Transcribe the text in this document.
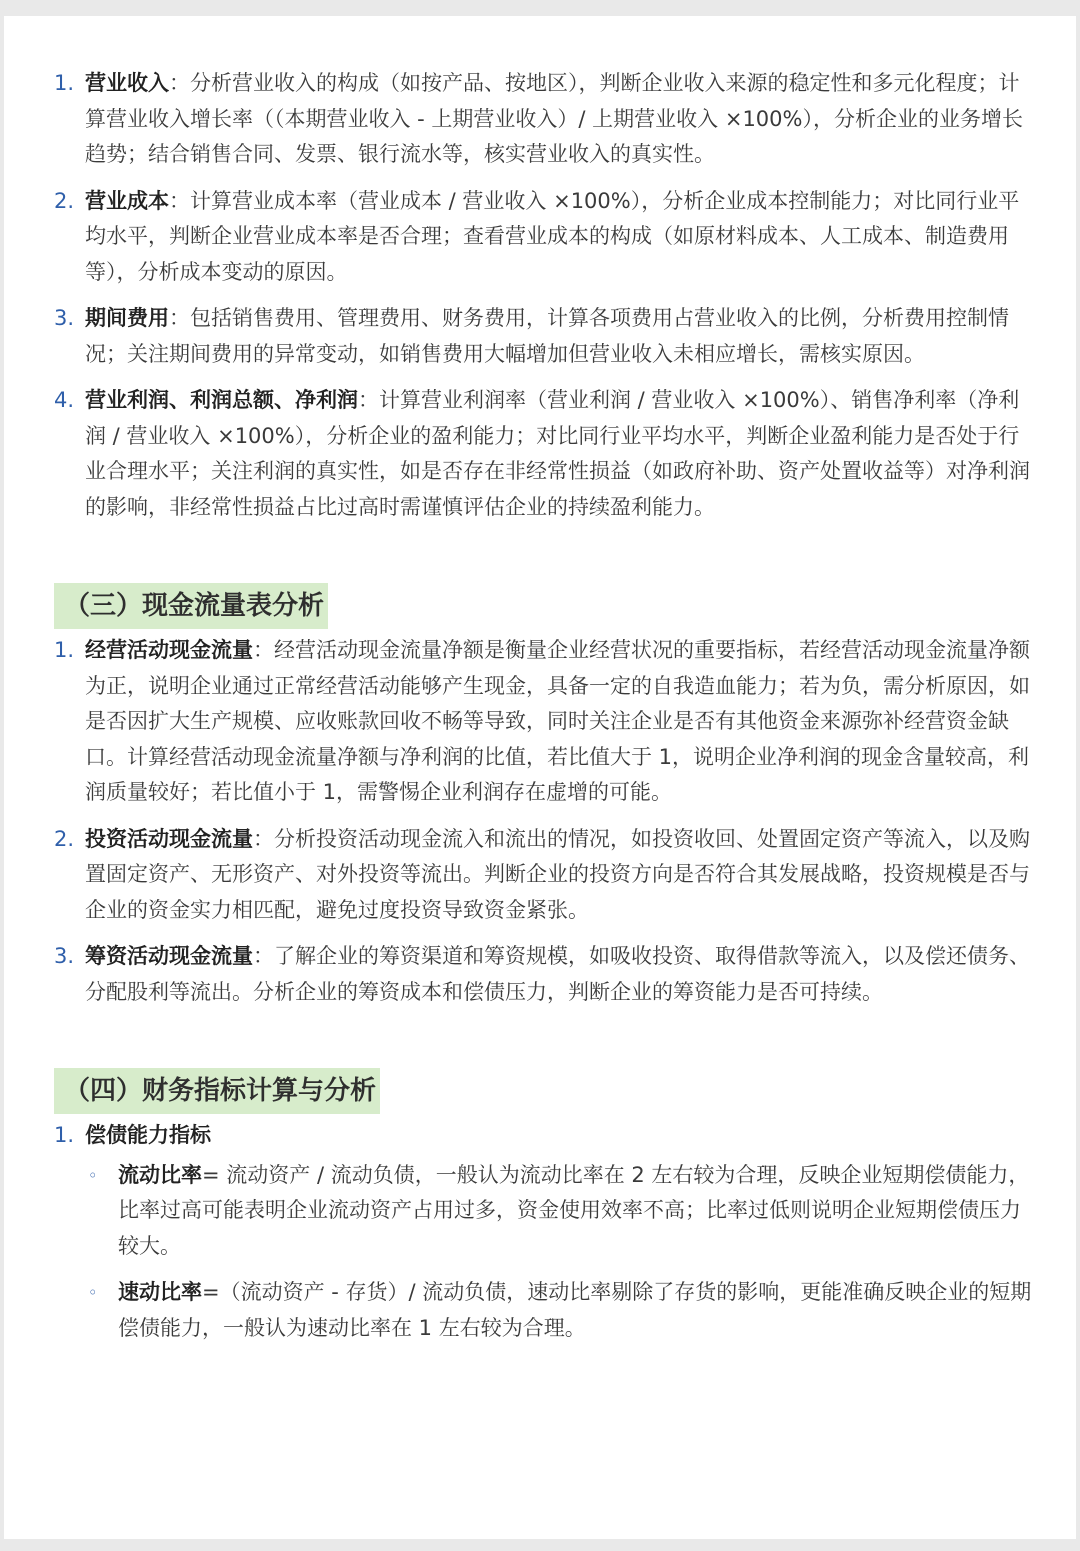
1. 营业收入：分析营业收入的构成（如按产品、按地区），判断企业收入来源的稳定性和多元化程度；计算营业收入增长率（（本期营业收入 - 上期营业收入）/ 上期营业收入 ×100%），分析企业的业务增长趋势；结合销售合同、发票、银行流水等，核实营业收入的真实性。
2. 营业成本：计算营业成本率（营业成本 / 营业收入 ×100%），分析企业成本控制能力；对比同行业平均水平，判断企业营业成本率是否合理；查看营业成本的构成（如原材料成本、人工成本、制造费用等），分析成本变动的原因。
3. 期间费用：包括销售费用、管理费用、财务费用，计算各项费用占营业收入的比例，分析费用控制情况；关注期间费用的异常变动，如销售费用大幅增加但营业收入未相应增长，需核实原因。
4. 营业利润、利润总额、净利润：计算营业利润率（营业利润 / 营业收入 ×100%）、销售净利率（净利润 / 营业收入 ×100%），分析企业的盈利能力；对比同行业平均水平，判断企业盈利能力是否处于行业合理水平；关注利润的真实性，如是否存在非经常性损益（如政府补助、资产处置收益等）对净利润的影响，非经常性损益占比过高时需谨慎评估企业的持续盈利能力。
（三）现金流量表分析
1. 经营活动现金流量：经营活动现金流量净额是衡量企业经营状况的重要指标，若经营活动现金流量净额为正，说明企业通过正常经营活动能够产生现金，具备一定的自我造血能力；若为负，需分析原因，如是否因扩大生产规模、应收账款回收不畅等导致，同时关注企业是否有其他资金来源弥补经营资金缺口。计算经营活动现金流量净额与净利润的比值，若比值大于 1，说明企业净利润的现金含量较高，利润质量较好；若比值小于 1，需警惕企业利润存在虚增的可能。
2. 投资活动现金流量：分析投资活动现金流入和流出的情况，如投资收回、处置固定资产等流入，以及购置固定资产、无形资产、对外投资等流出。判断企业的投资方向是否符合其发展战略，投资规模是否与企业的资金实力相匹配，避免过度投资导致资金紧张。
3. 筹资活动现金流量：了解企业的筹资渠道和筹资规模，如吸收投资、取得借款等流入，以及偿还债务、分配股利等流出。分析企业的筹资成本和偿债压力，判断企业的筹资能力是否可持续。
（四）财务指标计算与分析
1. 偿债能力指标
◦ 流动比率= 流动资产 / 流动负债，一般认为流动比率在 2 左右较为合理，反映企业短期偿债能力，比率过高可能表明企业流动资产占用过多，资金使用效率不高；比率过低则说明企业短期偿债压力较大。
◦ 速动比率=（流动资产 - 存货）/ 流动负债，速动比率剔除了存货的影响，更能准确反映企业的短期偿债能力，一般认为速动比率在 1 左右较为合理。
